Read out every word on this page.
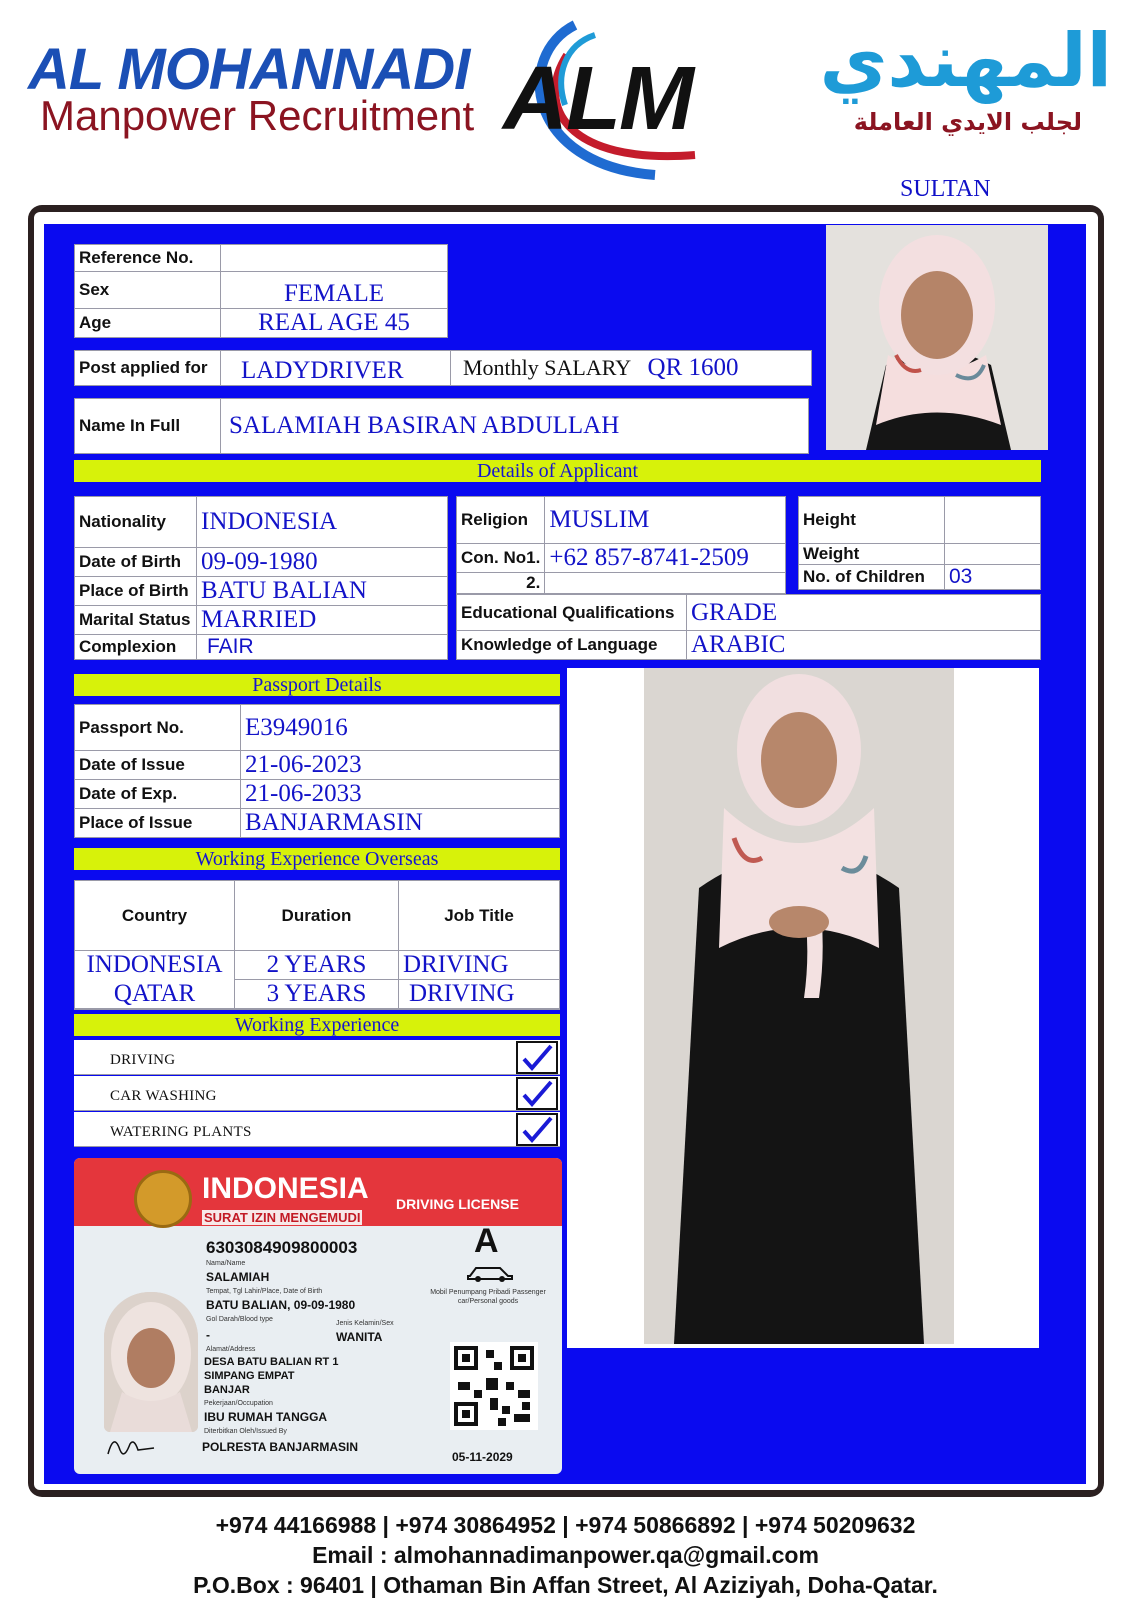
AL MOHANNADI
Manpower Recruitment ALM	المهندي
لجلب الايدي العاملة
SULTAN
Reference No.	
Sex	FEMALE
Age	REAL AGE 45
Post applied for	LADYDRIVER	Monthly SALARY QR 1600
Name In Full	SALAMIAH BASIRAN ABDULLAH
Details of Applicant
Nationality	INDONESIA
Date of Birth	09-09-1980
Place of Birth	BATU BALIAN
Marital Status	MARRIED
Complexion	FAIR
Religion	MUSLIM
Con. No1.	+62 857-8741-2509
2.	
Height	
Weight	
No. of Children	03
Educational Qualifications	GRADE
Knowledge of Language	ARABIC
Passport Details
Passport No.	E3949016
Date of Issue	21-06-2023
Date of Exp.	21-06-2033
Place of Issue	BANJARMASIN
Working Experience Overseas
Country	Duration	Job Title
INDONESIA	2 YEARS	DRIVING
QATAR	3 YEARS	DRIVING

Working Experience
DRIVING
CAR WASHING
WATERING PLANTS
INDONESIA DRIVING LICENSE
SURAT IZIN MENGEMUDI
6303084909800003	A
Mobil Penumpang Pribadi Passenger car/Personal goods
Nama/Name
SALAMIAH
Tempat, Tgl Lahir/Place, Date of Birth
BATU BALIAN, 09-09-1980
Gol Darah/Blood type
-
Jenis Kelamin/Sex
WANITA
Alamat/Address
DESA BATU BALIAN RT 1
SIMPANG EMPAT
BANJAR
Pekerjaan/Occupation
IBU RUMAH TANGGA
Diterbitkan Oleh/Issued By
POLRESTA BANJARMASIN
05-11-2029
+974 44166988 | +974 30864952 | +974 50866892 | +974 50209632
Email : almohannadimanpower.qa@gmail.com
P.O.Box : 96401 | Othaman Bin Affan Street, Al Aziziyah, Doha-Qatar.
